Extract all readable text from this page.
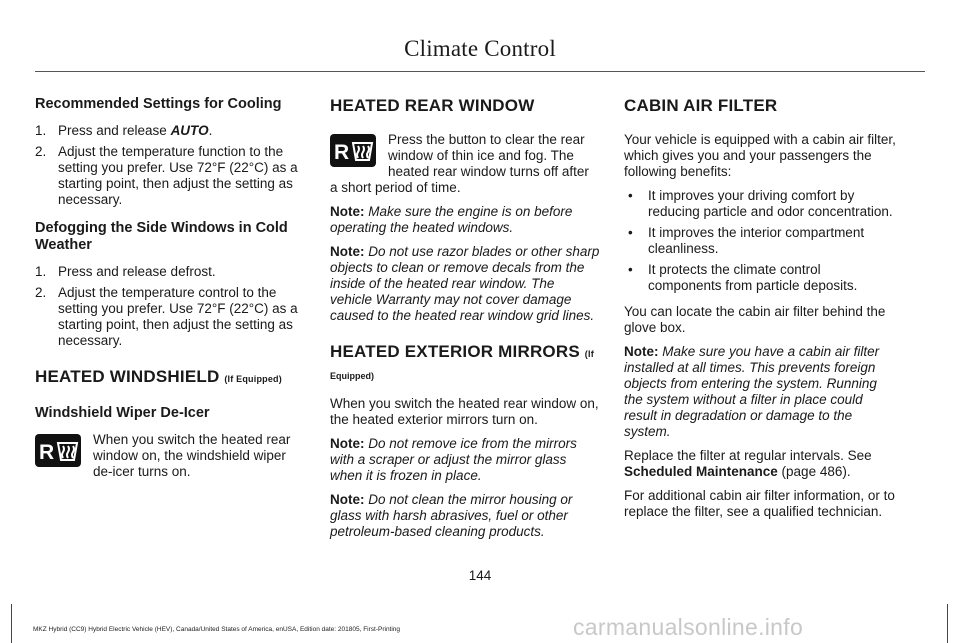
Climate Control
Recommended Settings for Cooling
1. Press and release AUTO.
2. Adjust the temperature function to the setting you prefer. Use 72°F (22°C) as a starting point, then adjust the setting as necessary.
Defogging the Side Windows in Cold Weather
1. Press and release defrost.
2. Adjust the temperature control to the setting you prefer. Use 72°F (22°C) as a starting point, then adjust the setting as necessary.
HEATED WINDSHIELD (If Equipped)
Windshield Wiper De-Icer
R

When you switch the heated rear window on, the windshield wiper de-icer turns on.

HEATED REAR WINDOW
R

Press the button to clear the rear window of thin ice and fog. The heated rear window turns off after a short period of time.

Note: Make sure the engine is on before operating the heated windows.

Note: Do not use razor blades or other sharp objects to clean or remove decals from the inside of the heated rear window. The vehicle Warranty may not cover damage caused to the heated rear window grid lines.

HEATED EXTERIOR MIRRORS (If
Equipped)

When you switch the heated rear window on, the heated exterior mirrors turn on.

Note: Do not remove ice from the mirrors with a scraper or adjust the mirror glass when it is frozen in place.

Note: Do not clean the mirror housing or glass with harsh abrasives, fuel or other petroleum-based cleaning products.

CABIN AIR FILTER

Your vehicle is equipped with a cabin air filter, which gives you and your passengers the following benefits:

• It improves your driving comfort by reducing particle and odor concentration.
• It improves the interior compartment cleanliness.
• It protects the climate control components from particle deposits.

You can locate the cabin air filter behind the glove box.

Note: Make sure you have a cabin air filter installed at all times. This prevents foreign objects from entering the system. Running the system without a filter in place could result in degradation or damage to the system.

Replace the filter at regular intervals. See Scheduled Maintenance (page 486).

For additional cabin air filter information, or to replace the filter, see a qualified technician.

144
MKZ Hybrid (CC9) Hybrid Electric Vehicle (HEV), Canada/United States of America, enUSA, Edition date: 201805, First-Printing	carmanualsonline.info
